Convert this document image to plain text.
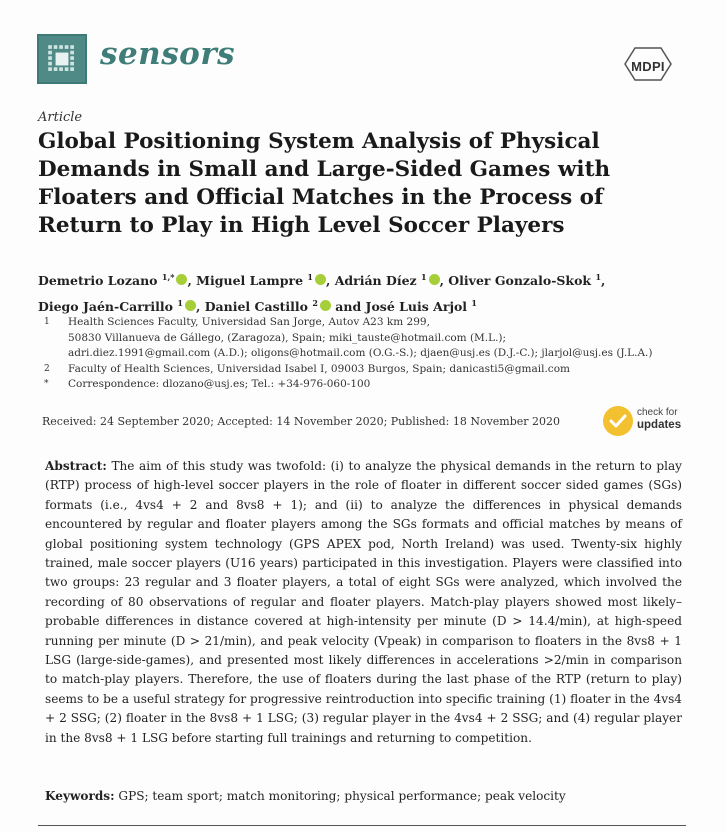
sensors	MDPI
Article
Global Positioning System Analysis of Physical Demands in Small and Large-Sided Games with Floaters and Official Matches in the Process of Return to Play in High Level Soccer Players
Demetrio Lozano $^{1,*}$ , Miguel Lampre $^1$ , Adrián Díez $^1$ , Oliver Gonzalo-Skok $^1$,
Diego Jaén-Carrillo $^1$ , Daniel Castillo $^2$ and José Luis Arjol $^1$
1	Health Sciences Faculty, Universidad San Jorge, Autov A23 km 299,
50830 Villanueva de Gállego, (Zaragoza), Spain; miki_tauste@hotmail.com (M.L.);
adri.diez.1991@gmail.com (A.D.); oligons@hotmail.com (O.G.-S.); djaen@usj.es (D.J.-C.); jlarjol@usj.es (J.L.A.)
2	Faculty of Health Sciences, Universidad Isabel I, 09003 Burgos, Spain; danicasti5@gmail.com
*	Correspondence: dlozano@usj.es; Tel.: +34-976-060-100
Received: 24 September 2020; Accepted: 14 November 2020; Published: 18 November 2020
check for
updates
Abstract: The aim of this study was twofold: (i) to analyze the physical demands in the return to play (RTP) process of high-level soccer players in the role of floater in different soccer sided games (SGs) formats (i.e., 4vs4 + 2 and 8vs8 + 1); and (ii) to analyze the differences in physical demands encountered by regular and floater players among the SGs formats and official matches by means of global positioning system technology (GPS APEX pod, North Ireland) was used. Twenty-six highly trained, male soccer players (U16 years) participated in this investigation. Players were classified into two groups: 23 regular and 3 floater players, a total of eight SGs were analyzed, which involved the recording of 80 observations of regular and floater players. Match-play players showed most likely–probable differences in distance covered at high-intensity per minute (D > 14.4/min), at high-speed running per minute (D > 21/min), and peak velocity (Vpeak) in comparison to floaters in the 8vs8 + 1 LSG (large-side-games), and presented most likely differences in accelerations >2/min in comparison to match-play players. Therefore, the use of floaters during the last phase of the RTP (return to play) seems to be a useful strategy for progressive reintroduction into specific training (1) floater in the 4vs4 + 2 SSG; (2) floater in the 8vs8 + 1 LSG; (3) regular player in the 4vs4 + 2 SSG; and (4) regular player in the 8vs8 + 1 LSG before starting full trainings and returning to competition.
Keywords: GPS; team sport; match monitoring; physical performance; peak velocity
